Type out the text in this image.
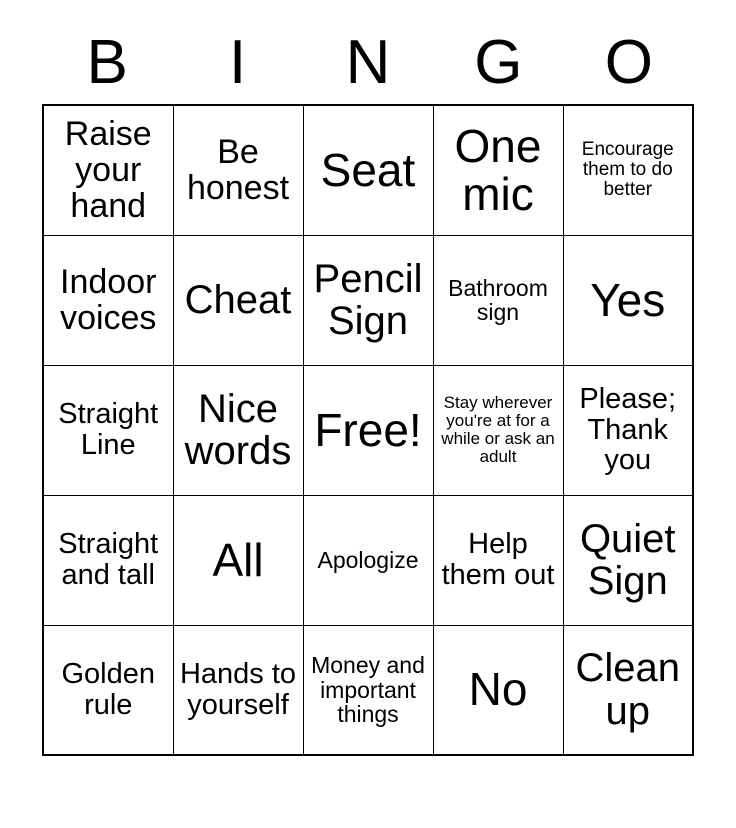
B	I	N	G	O
Raise your hand	Be honest	Seat	One mic	Encourage them to do better

Indoor voices	Cheat	Pencil Sign	Bathroom sign	Yes

Straight Line	Nice words	Free!	Stay wherever you're at for a while or ask an adult	Please; Thank you

Straight and tall	All	Apologize	Help them out	Quiet Sign

Golden rule	Hands to yourself	Money and important things	No	Clean up
